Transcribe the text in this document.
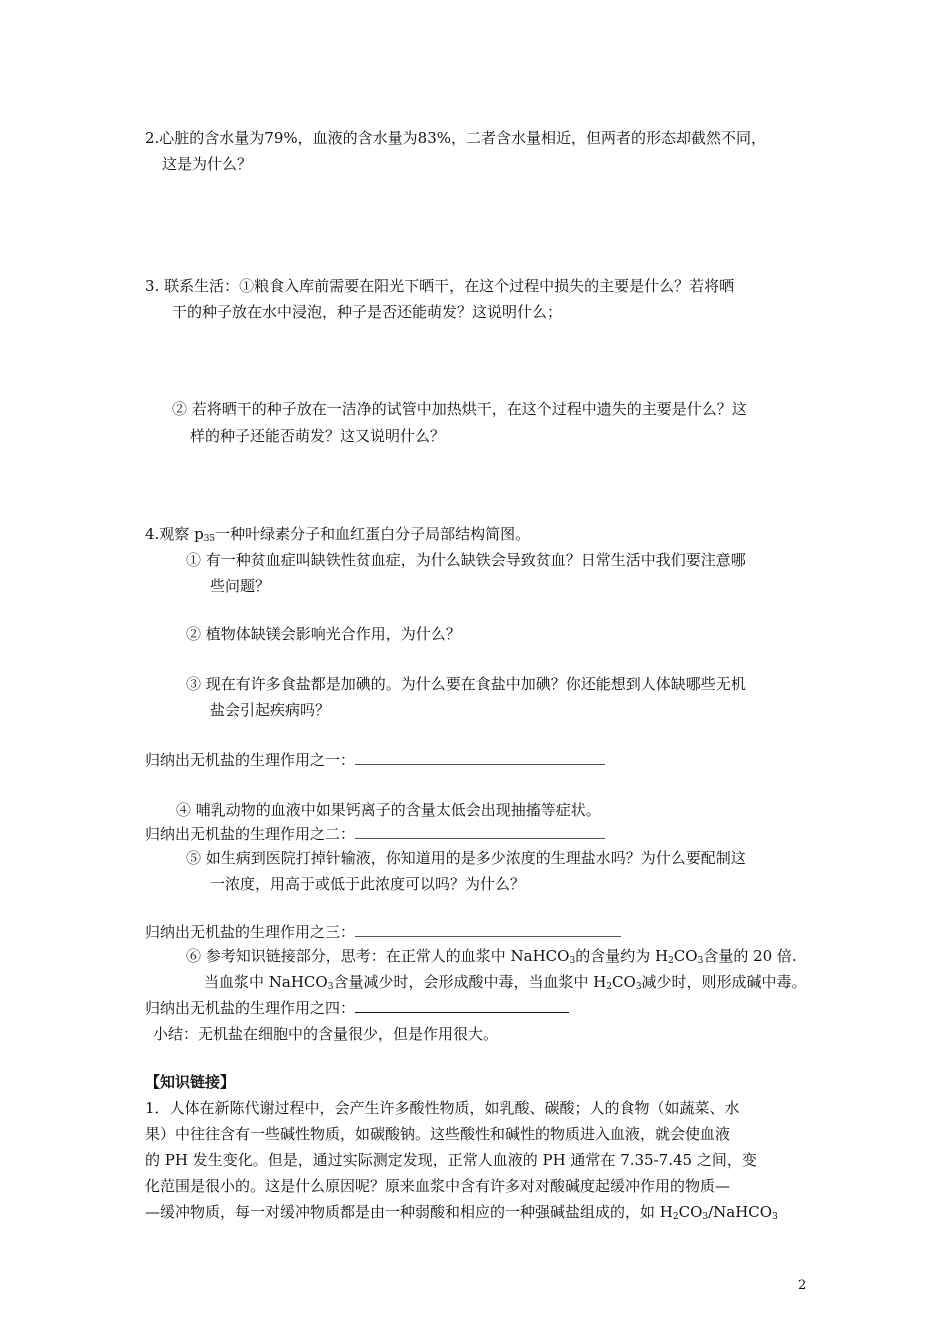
2.心脏的含水量为79%，血液的含水量为83%，二者含水量相近，但两者的形态却截然不同，
这是为什么？
3. 联系生活：①粮食入库前需要在阳光下晒干，在这个过程中损失的主要是什么？若将晒
干的种子放在水中浸泡，种子是否还能萌发？这说明什么；
② 若将晒干的种子放在一洁净的试管中加热烘干，在这个过程中遗失的主要是什么？这
样的种子还能否萌发？这又说明什么？
4.观察 $p_{35}$一种叶绿素分子和血红蛋白分子局部结构简图。
① 有一种贫血症叫缺铁性贫血症，为什么缺铁会导致贫血？日常生活中我们要注意哪
些问题？
② 植物体缺镁会影响光合作用，为什么？
③ 现在有许多食盐都是加碘的。为什么要在食盐中加碘？你还能想到人体缺哪些无机
盐会引起疾病吗？
归纳出无机盐的生理作用之一：
④ 哺乳动物的血液中如果钙离子的含量太低会出现抽搐等症状。
归纳出无机盐的生理作用之二：
⑤ 如生病到医院打掉针输液，你知道用的是多少浓度的生理盐水吗？为什么要配制这
一浓度，用高于或低于此浓度可以吗？为什么？
归纳出无机盐的生理作用之三：
⑥ 参考知识链接部分，思考：在正常人的血浆中 NaHCO$_3$的含量约为 $H_2CO_3$含量的 20 倍.
当血浆中 NaHCO$_3$含量减少时，会形成酸中毒，当血浆中 $H_2CO_3$减少时，则形成碱中毒。
归纳出无机盐的生理作用之四：
小结：无机盐在细胞中的含量很少，但是作用很大。
【知识链接】
1．人体在新陈代谢过程中，会产生许多酸性物质，如乳酸、碳酸；人的食物（如蔬菜、水
果）中往往含有一些碱性物质，如碳酸钠。这些酸性和碱性的物质进入血液，就会使血液
的 PH 发生变化。但是，通过实际测定发现，正常人血液的 PH 通常在 7.35-7.45 之间，变
化范围是很小的。这是什么原因呢？原来血浆中含有许多对对酸碱度起缓冲作用的物质—
—缓冲物质，每一对缓冲物质都是由一种弱酸和相应的一种强碱盐组成的，如 $H_2CO_3/NaHCO_3$
2
